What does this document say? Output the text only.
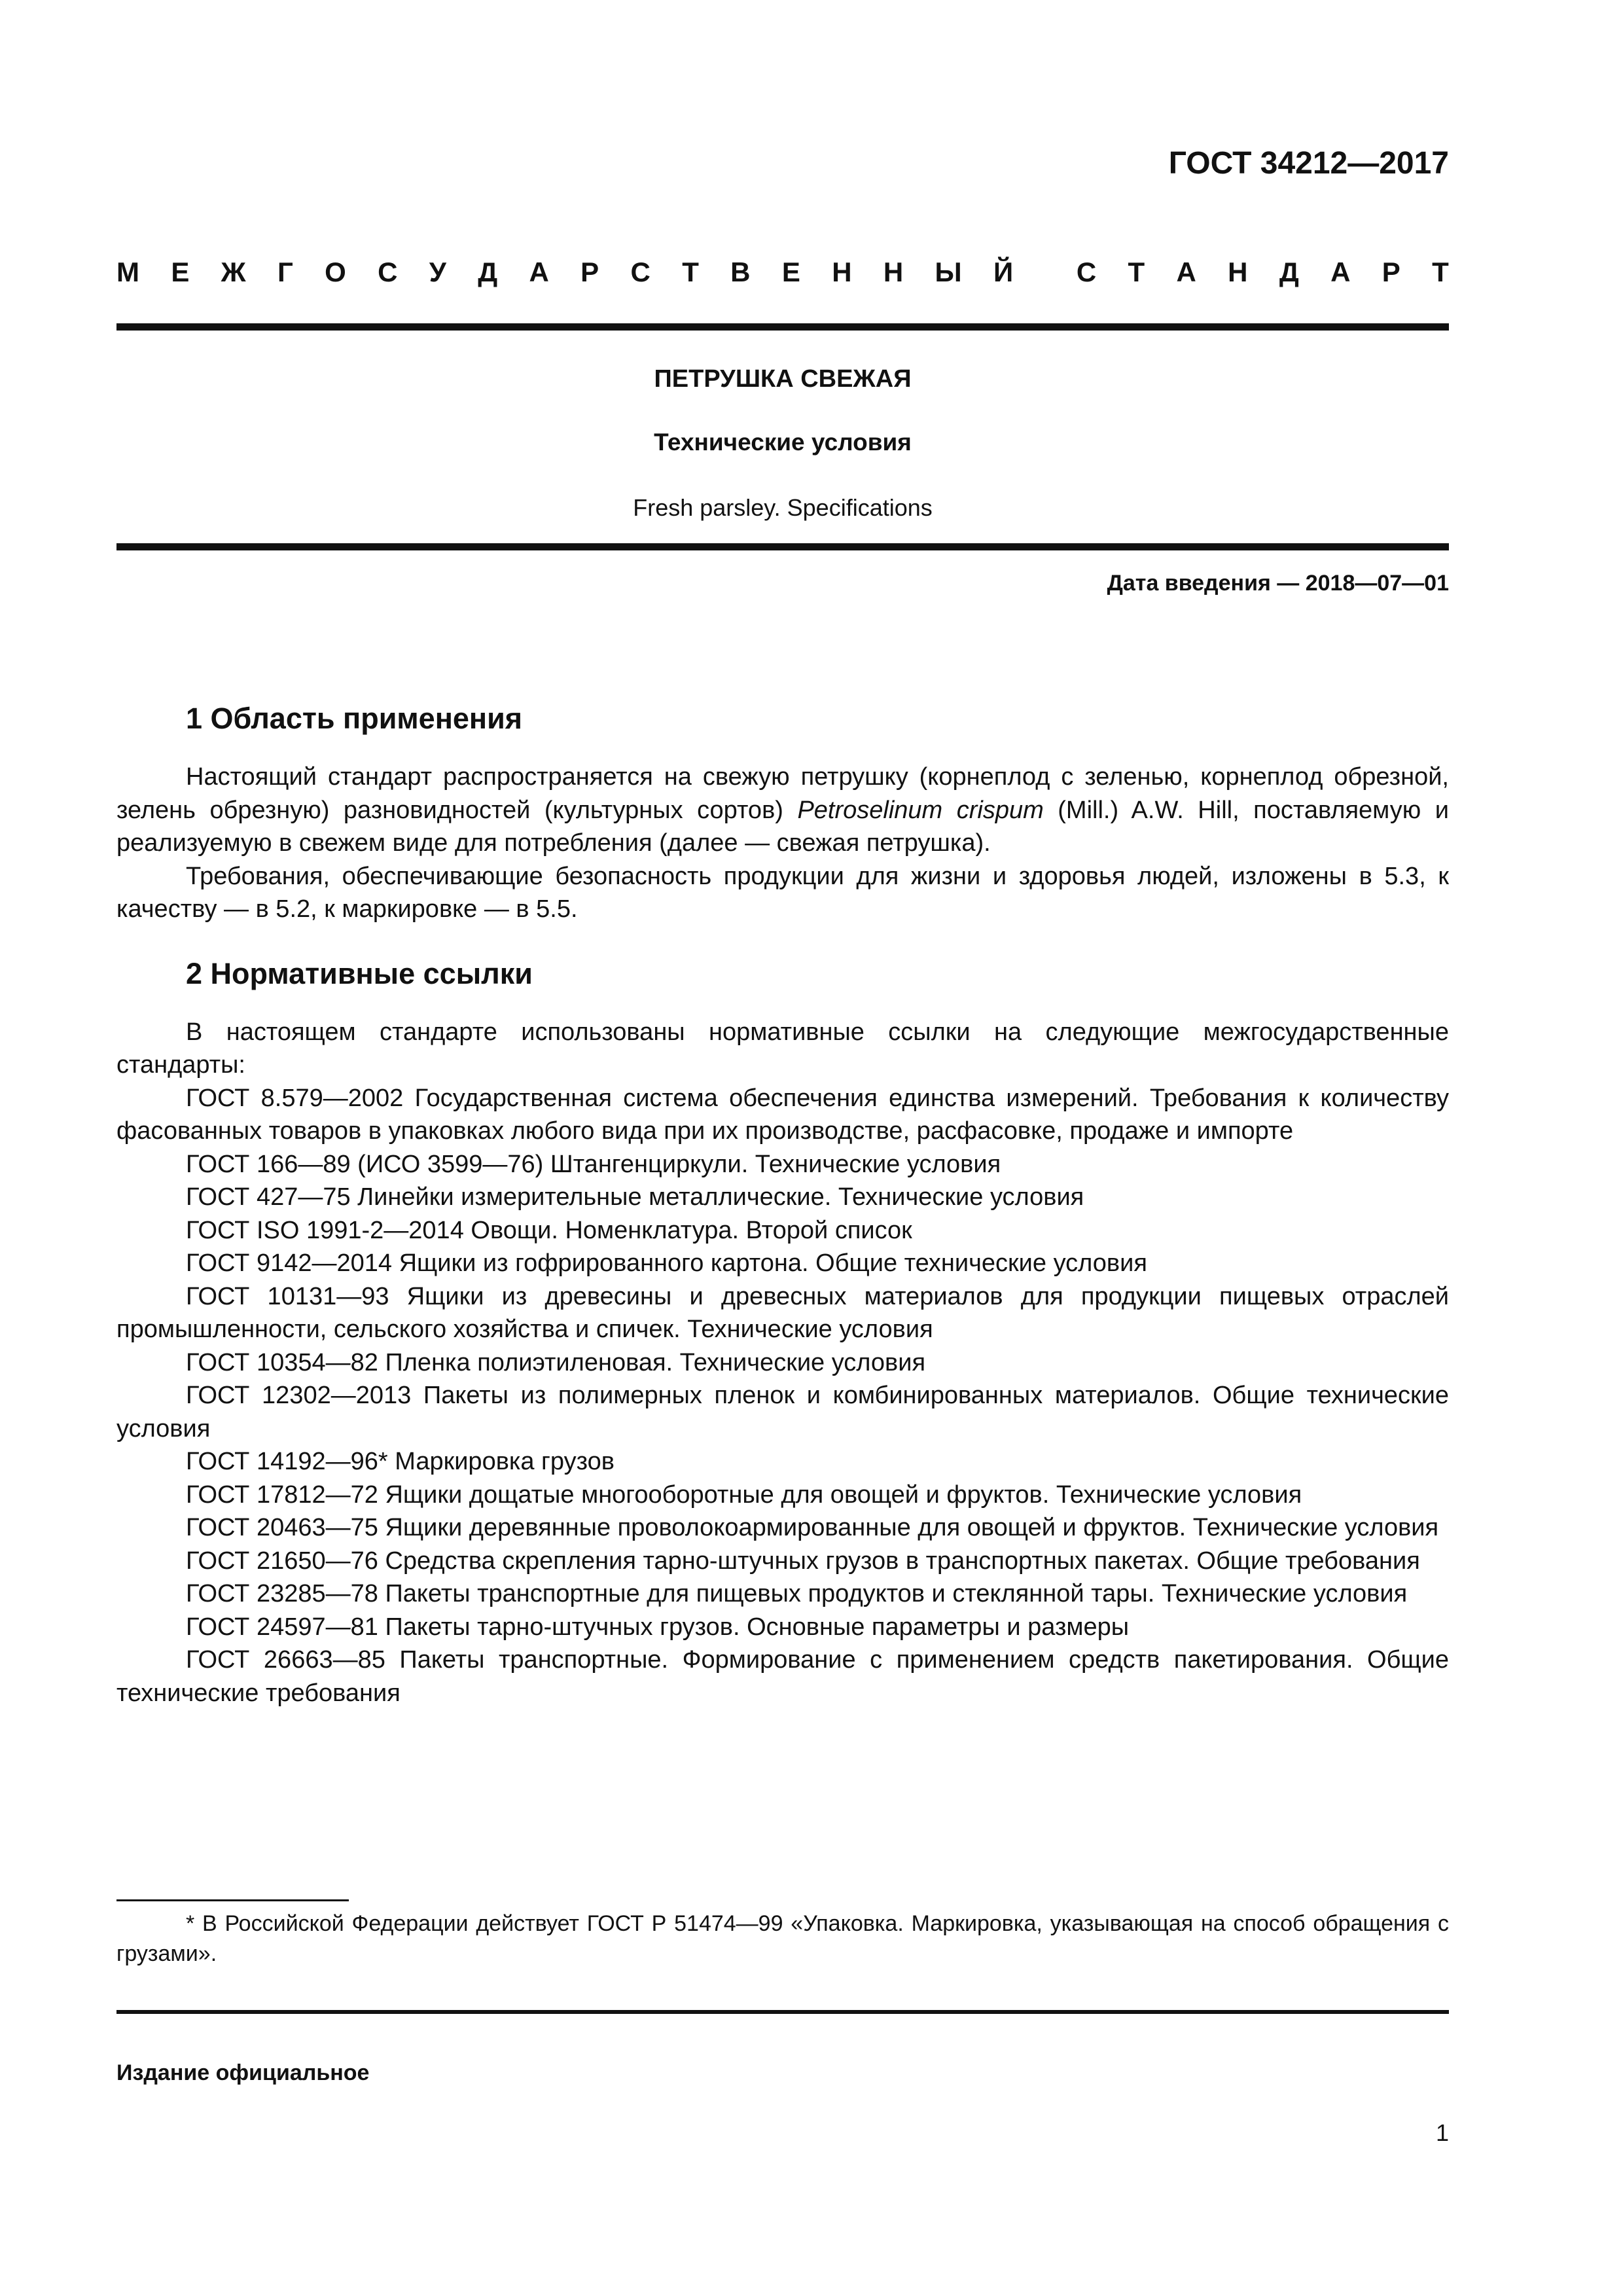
ГОСТ 34212—2017
М Е Ж Г О С У Д А Р С Т В Е Н Н Ы Й С Т А Н Д А Р Т
ПЕТРУШКА СВЕЖАЯ
Технические условия
Fresh parsley. Specifications
Дата введения — 2018—07—01
1 Область применения

Настоящий стандарт распространяется на свежую петрушку (корнеплод с зеленью, корнеплод обрезной, зелень обрезную) разновидностей (культурных сортов) Petroselinum crispum (Mill.) A.W. Hill, поставляемую и реализуемую в свежем виде для потребления (далее — свежая петрушка).

Требования, обеспечивающие безопасность продукции для жизни и здоровья людей, изложены в 5.3, к качеству — в 5.2, к маркировке — в 5.5.

2 Нормативные ссылки

В настоящем стандарте использованы нормативные ссылки на следующие межгосударственные стандарты:

ГОСТ 8.579—2002 Государственная система обеспечения единства измерений. Требования к количеству фасованных товаров в упаковках любого вида при их производстве, расфасовке, продаже и импорте

ГОСТ 166—89 (ИСО 3599—76) Штангенциркули. Технические условия

ГОСТ 427—75 Линейки измерительные металлические. Технические условия

ГОСТ ISO 1991-2—2014 Овощи. Номенклатура. Второй список

ГОСТ 9142—2014 Ящики из гофрированного картона. Общие технические условия

ГОСТ 10131—93 Ящики из древесины и древесных материалов для продукции пищевых отраслей промышленности, сельского хозяйства и спичек. Технические условия

ГОСТ 10354—82 Пленка полиэтиленовая. Технические условия

ГОСТ 12302—2013 Пакеты из полимерных пленок и комбинированных материалов. Общие технические условия

ГОСТ 14192—96* Маркировка грузов

ГОСТ 17812—72 Ящики дощатые многооборотные для овощей и фруктов. Технические условия

ГОСТ 20463—75 Ящики деревянные проволокоармированные для овощей и фруктов. Технические условия

ГОСТ 21650—76 Средства скрепления тарно-штучных грузов в транспортных пакетах. Общие требования

ГОСТ 23285—78 Пакеты транспортные для пищевых продуктов и стеклянной тары. Технические условия

ГОСТ 24597—81 Пакеты тарно-штучных грузов. Основные параметры и размеры

ГОСТ 26663—85 Пакеты транспортные. Формирование с применением средств пакетирования. Общие технические требования

* В Российской Федерации действует ГОСТ Р 51474—99 «Упаковка. Маркировка, указывающая на способ обращения с грузами».
Издание официальное
1
